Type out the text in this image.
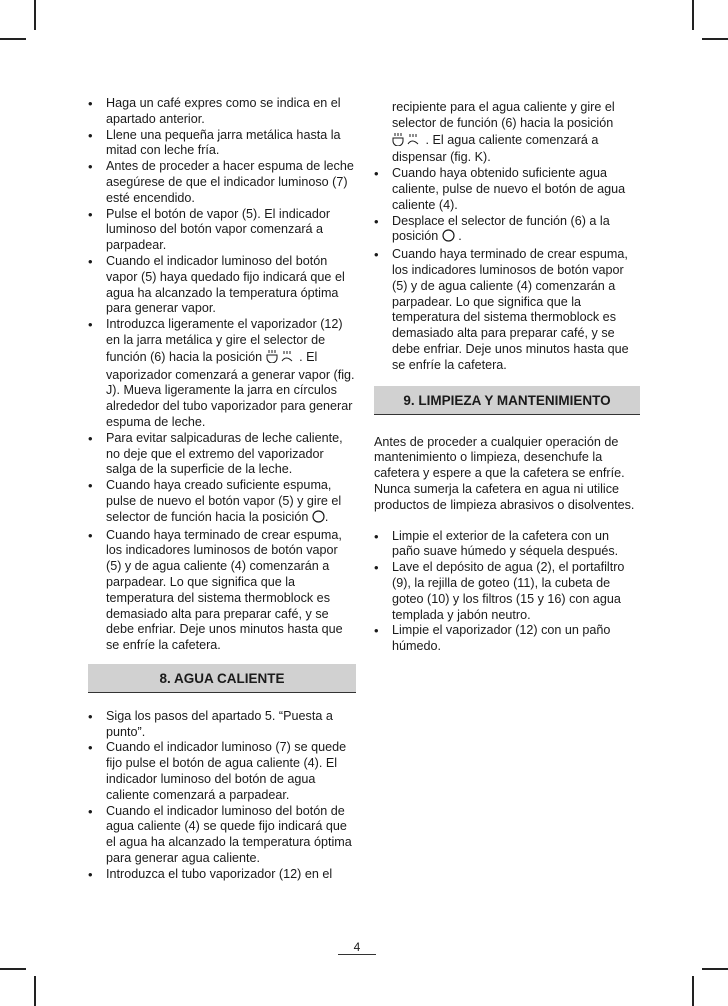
• Haga un café expres como se indica en el apartado anterior.
• Llene una pequeña jarra metálica hasta la mitad con leche fría.
• Antes de proceder a hacer espuma de leche asegúrese de que el indicador luminoso (7) esté encendido.
• Pulse el botón de vapor (5). El indicador luminoso del botón vapor comenzará a parpadear.
• Cuando el indicador luminoso del botón vapor (5) haya quedado fijo indicará que el agua ha alcanzado la temperatura óptima para generar vapor.
• Introduzca ligeramente el vaporizador (12) en la jarra metálica y gire el selector de función (6) hacia la posición	. El vaporizador comenzará a generar vapor (fig. J). Mueva ligeramente la jarra en círculos alrededor del tubo vaporizador para generar espuma de leche.
• Para evitar salpicaduras de leche caliente, no deje que el extremo del vaporizador salga de la superficie de la leche.
• Cuando haya creado suficiente espuma, pulse de nuevo el botón vapor (5) y gire el selector de función hacia la posición .
• Cuando haya terminado de crear espuma, los indicadores luminosos de botón vapor (5) y de agua caliente (4) comenzarán a parpadear. Lo que significa que la temperatura del sistema thermoblock es demasiado alta para preparar café, y se debe enfriar. Deje unos minutos hasta que se enfríe la cafetera.
8. AGUA CALIENTE
• Siga los pasos del apartado 5. “Puesta a punto”.
• Cuando el indicador luminoso (7) se quede fijo pulse el botón de agua caliente (4). El indicador luminoso del botón de agua caliente comenzará a parpadear.
• Cuando el indicador luminoso del botón de agua caliente (4) se quede fijo indicará que el agua ha alcanzado la temperatura óptima para generar agua caliente.
• Introduzca el tubo vaporizador (12) en el
recipiente para el agua caliente y gire el selector de función (6) hacia la posición  . El agua caliente comenzará a dispensar (fig. K).
• Cuando haya obtenido suficiente agua caliente, pulse de nuevo el botón de agua caliente (4).
• Desplace el selector de función (6) a la posición  .
• Cuando haya terminado de crear espuma, los indicadores luminosos de botón vapor (5) y de agua caliente (4) comenzarán a parpadear. Lo que significa que la temperatura del sistema thermoblock es demasiado alta para preparar café, y se debe enfriar. Deje unos minutos hasta que se enfríe la cafetera.
9. LIMPIEZA Y MANTENIMIENTO

Antes de proceder a cualquier operación de mantenimiento o limpieza, desenchufe la cafetera y espere a que la cafetera se enfríe.

Nunca sumerja la cafetera en agua ni utilice productos de limpieza abrasivos o disolventes.

• Limpie el exterior de la cafetera con un paño suave húmedo y séquela después.
• Lave el depósito de agua (2), el portafiltro (9), la rejilla de goteo (11), la cubeta de goteo (10) y los filtros (15 y 16) con agua templada y jabón neutro.
• Limpie el vaporizador (12) con un paño húmedo.
4
